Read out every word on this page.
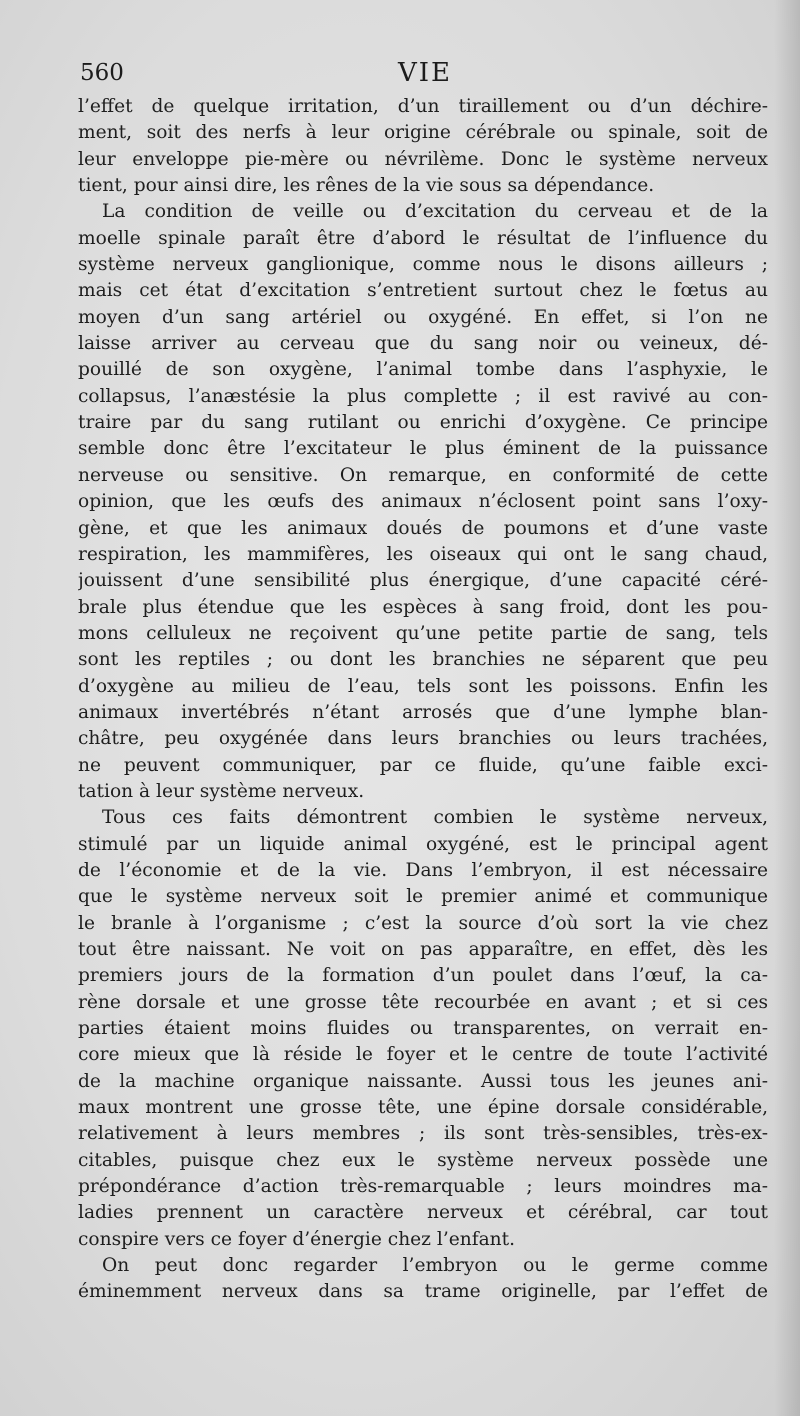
560	VIE
l’effet de quelque irritation, d’un tiraillement ou d’un déchire-
ment, soit des nerfs à leur origine cérébrale ou spinale, soit de
leur enveloppe pie-mère ou névrilème. Donc le système nerveux
tient, pour ainsi dire, les rênes de la vie sous sa dépendance.
La condition de veille ou d’excitation du cerveau et de la
moelle spinale paraît être d’abord le résultat de l’influence du
système nerveux ganglionique, comme nous le disons ailleurs ;
mais cet état d’excitation s’entretient surtout chez le fœtus au
moyen d’un sang artériel ou oxygéné. En effet, si l’on ne
laisse arriver au cerveau que du sang noir ou veineux, dé-
pouillé de son oxygène, l’animal tombe dans l’asphyxie, le
collapsus, l’anæstésie la plus complette ; il est ravivé au con-
traire par du sang rutilant ou enrichi d’oxygène. Ce principe
semble donc être l’excitateur le plus éminent de la puissance
nerveuse ou sensitive. On remarque, en conformité de cette
opinion, que les œufs des animaux n’éclosent point sans l’oxy-
gène, et que les animaux doués de poumons et d’une vaste
respiration, les mammifères, les oiseaux qui ont le sang chaud,
jouissent d’une sensibilité plus énergique, d’une capacité céré-
brale plus étendue que les espèces à sang froid, dont les pou-
mons celluleux ne reçoivent qu’une petite partie de sang, tels
sont les reptiles ; ou dont les branchies ne séparent que peu
d’oxygène au milieu de l’eau, tels sont les poissons. Enfin les
animaux invertébrés n’étant arrosés que d’une lymphe blan-
châtre, peu oxygénée dans leurs branchies ou leurs trachées,
ne peuvent communiquer, par ce fluide, qu’une faible exci-
tation à leur système nerveux.
Tous ces faits démontrent combien le système nerveux,
stimulé par un liquide animal oxygéné, est le principal agent
de l’économie et de la vie. Dans l’embryon, il est nécessaire
que le système nerveux soit le premier animé et communique
le branle à l’organisme ; c’est la source d’où sort la vie chez
tout être naissant. Ne voit on pas apparaître, en effet, dès les
premiers jours de la formation d’un poulet dans l’œuf, la ca-
rène dorsale et une grosse tête recourbée en avant ; et si ces
parties étaient moins fluides ou transparentes, on verrait en-
core mieux que là réside le foyer et le centre de toute l’activité
de la machine organique naissante. Aussi tous les jeunes ani-
maux montrent une grosse tête, une épine dorsale considérable,
relativement à leurs membres ; ils sont très-sensibles, très-ex-
citables, puisque chez eux le système nerveux possède une
prépondérance d’action très-remarquable ; leurs moindres ma-
ladies prennent un caractère nerveux et cérébral, car tout
conspire vers ce foyer d’énergie chez l’enfant.
On peut donc regarder l’embryon ou le germe comme
éminemment nerveux dans sa trame originelle, par l’effet de
